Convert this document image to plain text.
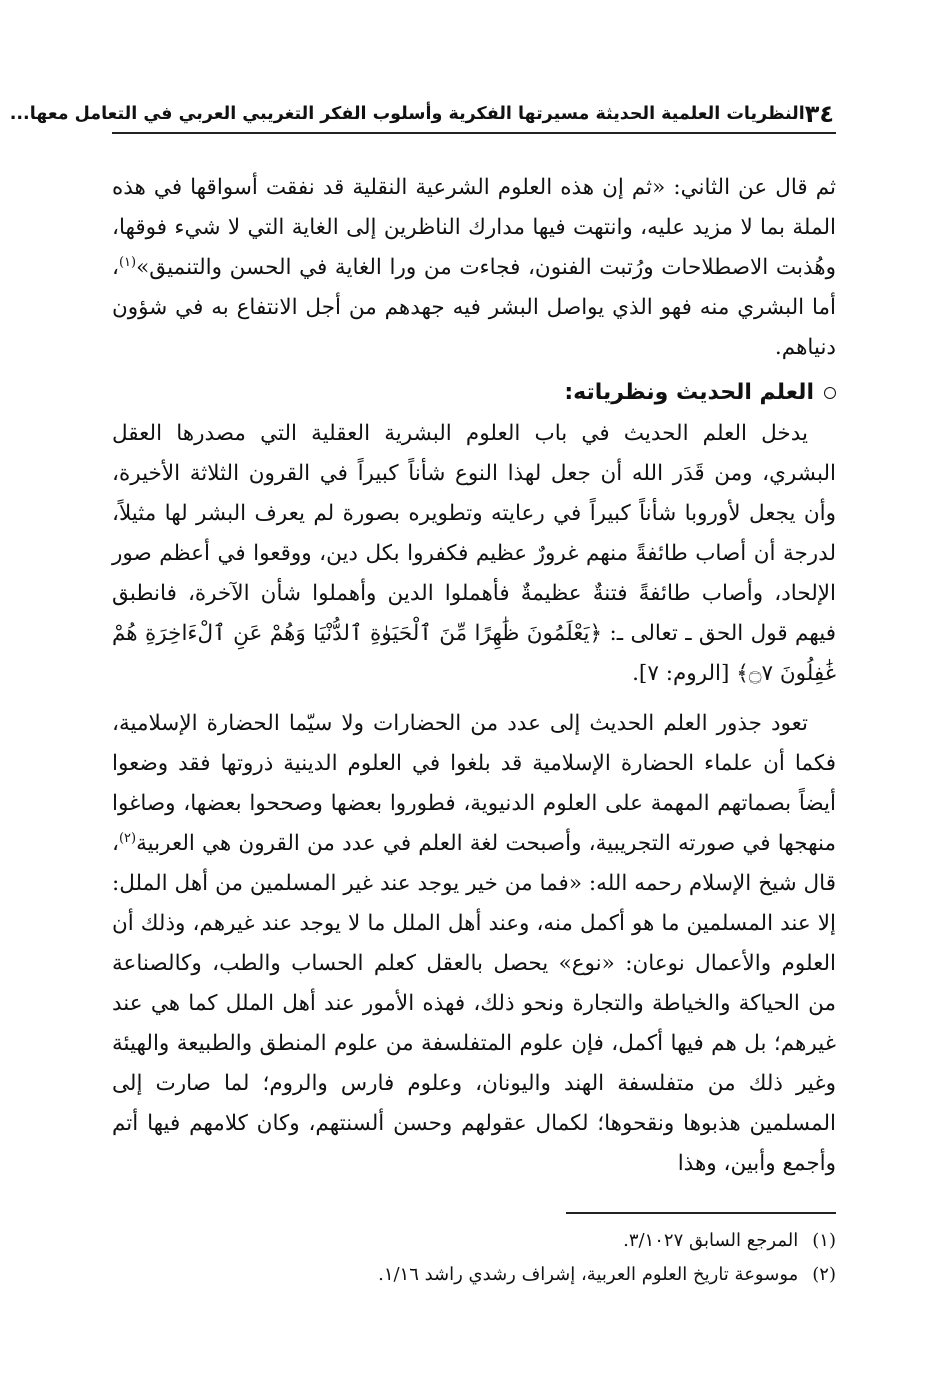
٣٤
النظريات العلمية الحديثة مسيرتها الفكرية وأسلوب الفكر التغريبي العربي في التعامل معها...

ثم قال عن الثاني: «ثم إن هذه العلوم الشرعية النقلية قد نفقت أسواقها في هذه الملة بما لا مزيد عليه، وانتهت فيها مدارك الناظرين إلى الغاية التي لا شيء فوقها، وهُذبت الاصطلاحات ورُتبت الفنون، فجاءت من ورا الغاية في الحسن والتنميق»$^{(١)}$، أما البشري منه فهو الذي يواصل البشر فيه جهدهم من أجل الانتفاع به في شؤون دنياهم.

العلم الحديث ونظرياته:

يدخل العلم الحديث في باب العلوم البشرية العقلية التي مصدرها العقل البشري، ومن قَدَر الله أن جعل لهذا النوع شأناً كبيراً في القرون الثلاثة الأخيرة، وأن يجعل لأوروبا شأناً كبيراً في رعايته وتطويره بصورة لم يعرف البشر لها مثيلاً، لدرجة أن أصاب طائفةً منهم غرورٌ عظيم فكفروا بكل دين، ووقعوا في أعظم صور الإلحاد، وأصاب طائفةً فتنةٌ عظيمةٌ فأهملوا الدين وأهملوا شأن الآخرة، فانطبق فيهم قول الحق ـ تعالى ـ: ﴿يَعْلَمُونَ ظَٰهِرًا مِّنَ ٱلْحَيَوٰةِ ٱلدُّنْيَا وَهُمْ عَنِ ٱلْءَاخِرَةِ هُمْ غَٰفِلُونَ ۝٧﴾ [الروم: ٧].

تعود جذور العلم الحديث إلى عدد من الحضارات ولا سيّما الحضارة الإسلامية، فكما أن علماء الحضارة الإسلامية قد بلغوا في العلوم الدينية ذروتها فقد وضعوا أيضاً بصماتهم المهمة على العلوم الدنيوية، فطوروا بعضها وصححوا بعضها، وصاغوا منهجها في صورته التجريبية، وأصبحت لغة العلم في عدد من القرون هي العربية$^{(٢)}$، قال شيخ الإسلام رحمه الله: «فما من خير يوجد عند غير المسلمين من أهل الملل: إلا عند المسلمين ما هو أكمل منه، وعند أهل الملل ما لا يوجد عند غيرهم، وذلك أن العلوم والأعمال نوعان: «نوع» يحصل بالعقل كعلم الحساب والطب، وكالصناعة من الحياكة والخياطة والتجارة ونحو ذلك، فهذه الأمور عند أهل الملل كما هي عند غيرهم؛ بل هم فيها أكمل، فإن علوم المتفلسفة من علوم المنطق والطبيعة والهيئة وغير ذلك من متفلسفة الهند واليونان، وعلوم فارس والروم؛ لما صارت إلى المسلمين هذبوها ونقحوها؛ لكمال عقولهم وحسن ألسنتهم، وكان كلامهم فيها أتم وأجمع وأبين، وهذا

(١)المرجع السابق ٣/١٠٢٧.
(٢)موسوعة تاريخ العلوم العربية، إشراف رشدي راشد ١/١٦.
